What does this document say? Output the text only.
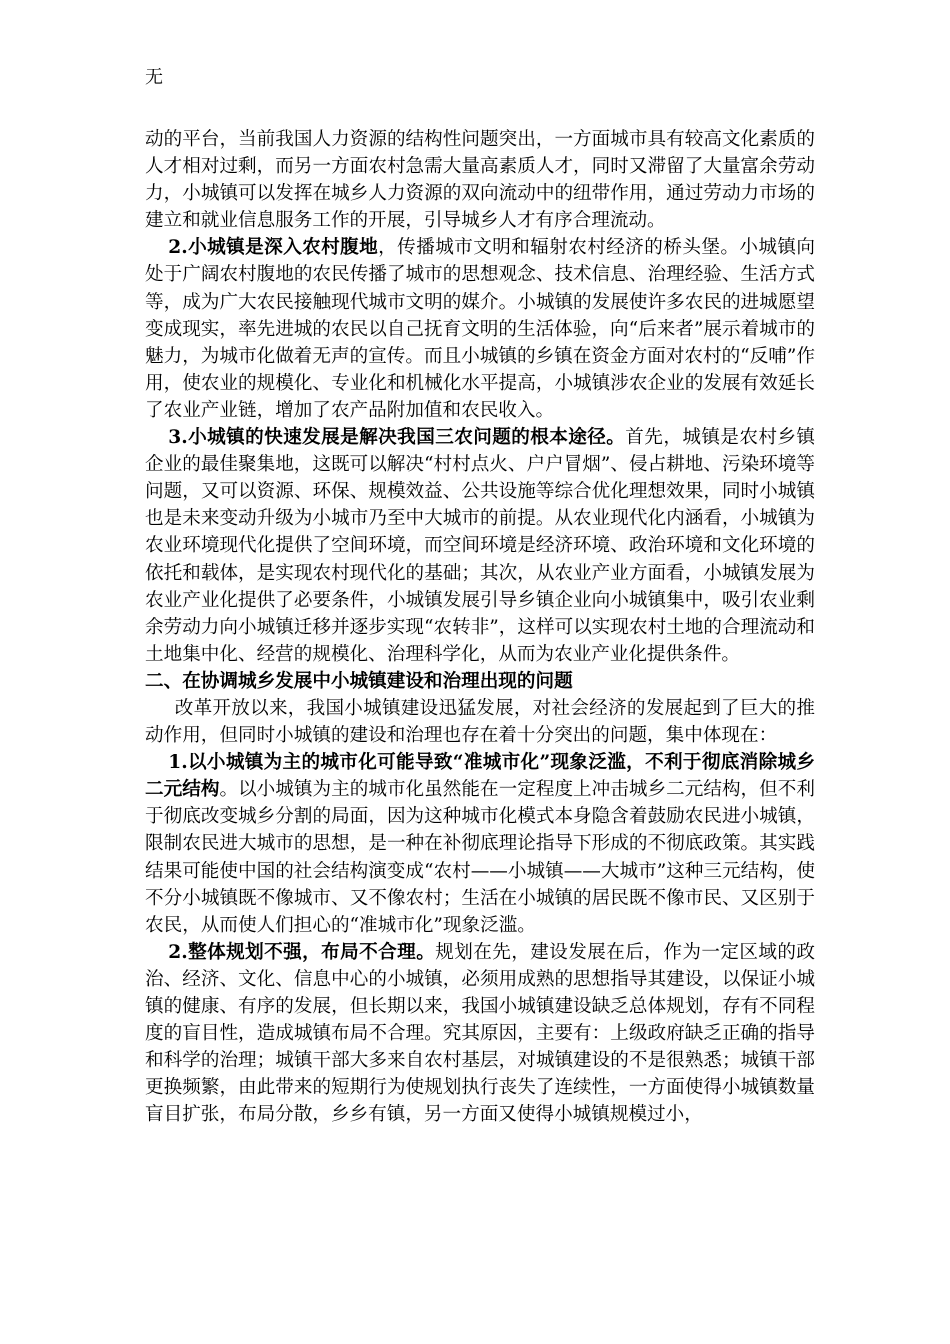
无

动的平台，当前我国人力资源的结构性问题突出，一方面城市具有较高文化素质的人才相对过剩，而另一方面农村急需大量高素质人才，同时又滞留了大量富余劳动力，小城镇可以发挥在城乡人力资源的双向流动中的纽带作用，通过劳动力市场的建立和就业信息服务工作的开展，引导城乡人才有序合理流动。

2.小城镇是深入农村腹地，传播城市文明和辐射农村经济的桥头堡。小城镇向处于广阔农村腹地的农民传播了城市的思想观念、技术信息、治理经验、生活方式等，成为广大农民接触现代城市文明的媒介。小城镇的发展使许多农民的进城愿望变成现实，率先进城的农民以自己抚育文明的生活体验，向“后来者”展示着城市的魅力，为城市化做着无声的宣传。而且小城镇的乡镇在资金方面对农村的“反哺”作用，使农业的规模化、专业化和机械化水平提高，小城镇涉农企业的发展有效延长了农业产业链，增加了农产品附加值和农民收入。

3.小城镇的快速发展是解决我国三农问题的根本途径。首先，城镇是农村乡镇企业的最佳聚集地，这既可以解决“村村点火、户户冒烟”、侵占耕地、污染环境等问题，又可以资源、环保、规模效益、公共设施等综合优化理想效果，同时小城镇也是未来变动升级为小城市乃至中大城市的前提。从农业现代化内涵看，小城镇为农业环境现代化提供了空间环境，而空间环境是经济环境、政治环境和文化环境的依托和载体，是实现农村现代化的基础；其次，从农业产业方面看，小城镇发展为农业产业化提供了必要条件，小城镇发展引导乡镇企业向小城镇集中，吸引农业剩余劳动力向小城镇迁移并逐步实现“农转非”，这样可以实现农村土地的合理流动和土地集中化、经营的规模化、治理科学化，从而为农业产业化提供条件。

二、在协调城乡发展中小城镇建设和治理出现的问题

改革开放以来，我国小城镇建设迅猛发展，对社会经济的发展起到了巨大的推动作用，但同时小城镇的建设和治理也存在着十分突出的问题，集中体现在：

1.以小城镇为主的城市化可能导致“准城市化”现象泛滥，不利于彻底消除城乡二元结构。以小城镇为主的城市化虽然能在一定程度上冲击城乡二元结构，但不利于彻底改变城乡分割的局面，因为这种城市化模式本身隐含着鼓励农民进小城镇，限制农民进大城市的思想，是一种在补彻底理论指导下形成的不彻底政策。其实践结果可能使中国的社会结构演变成“农村——小城镇——大城市”这种三元结构，使不分小城镇既不像城市、又不像农村；生活在小城镇的居民既不像市民、又区别于农民，从而使人们担心的“准城市化”现象泛滥。

2.整体规划不强，布局不合理。规划在先，建设发展在后，作为一定区域的政治、经济、文化、信息中心的小城镇，必须用成熟的思想指导其建设，以保证小城镇的健康、有序的发展，但长期以来，我国小城镇建设缺乏总体规划，存有不同程度的盲目性，造成城镇布局不合理。究其原因，主要有：上级政府缺乏正确的指导和科学的治理；城镇干部大多来自农村基层，对城镇建设的不是很熟悉；城镇干部更换频繁，由此带来的短期行为使规划执行丧失了连续性，一方面使得小城镇数量盲目扩张，布局分散，乡乡有镇，另一方面又使得小城镇规模过小，
